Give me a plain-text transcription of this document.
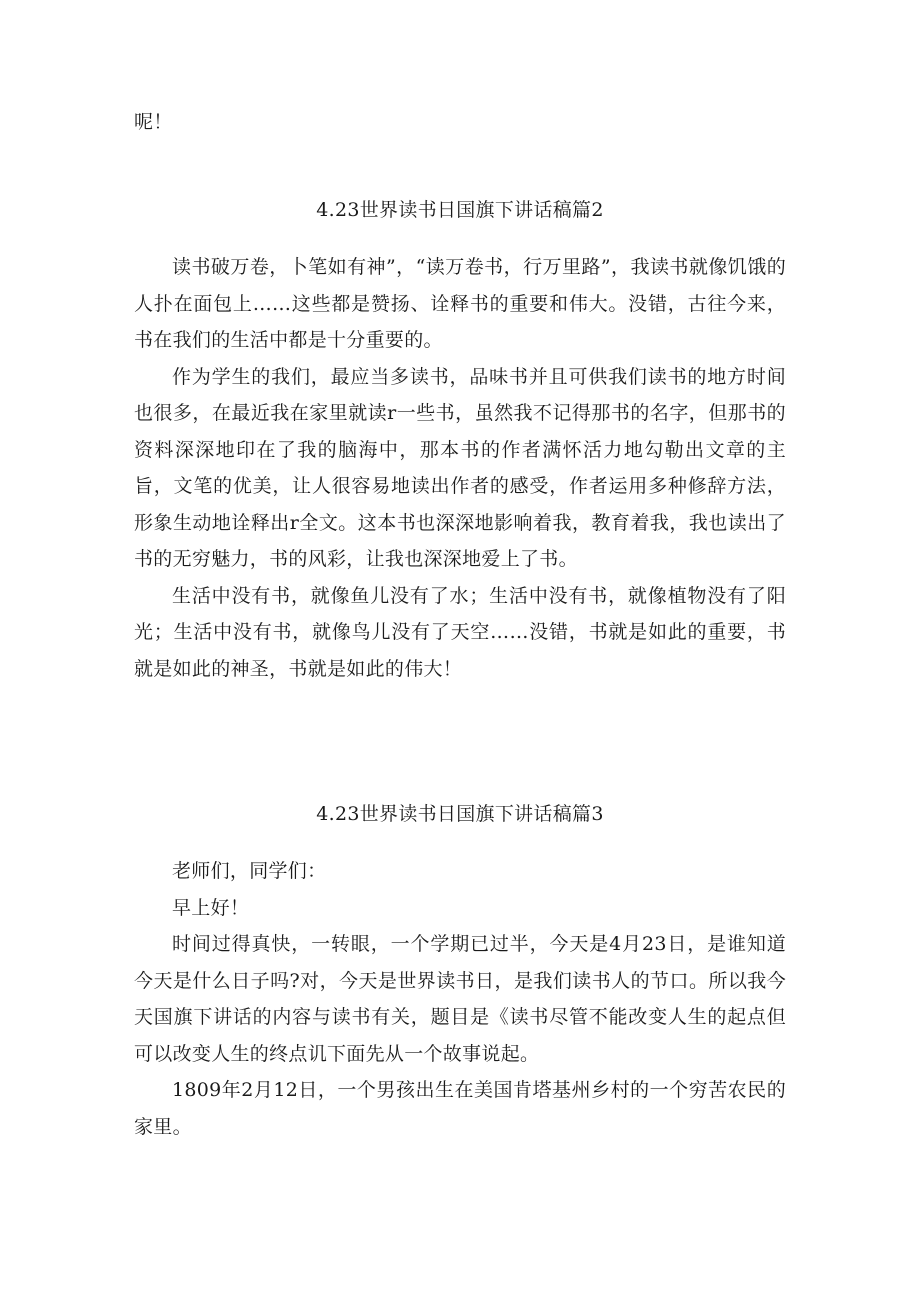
呢！

4.23世界读书日国旗下讲话稿篇2

读书破万卷，卜笔如有神”，“读万卷书，行万里路”，我读书就像饥饿的人扑在面包上……这些都是赞扬、诠释书的重要和伟大。没错，古往今来，书在我们的生活中都是十分重要的。

作为学生的我们，最应当多读书，品味书并且可供我们读书的地方时间也很多，在最近我在家里就读r一些书，虽然我不记得那书的名字，但那书的资料深深地印在了我的脑海中，那本书的作者满怀活力地勾勒出文章的主旨，文笔的优美，让人很容易地读出作者的感受，作者运用多种修辞方法，形象生动地诠释出r全文。这本书也深深地影响着我，教育着我，我也读出了书的无穷魅力，书的风彩，让我也深深地爱上了书。

生活中没有书，就像鱼儿没有了水；生活中没有书，就像植物没有了阳光；生活中没有书，就像鸟儿没有了天空……没错，书就是如此的重要，书就是如此的神圣，书就是如此的伟大！

4.23世界读书日国旗下讲话稿篇3

老师们，同学们：

早上好！

时间过得真快，一转眼，一个学期已过半，今天是4月23日，是谁知道今天是什么日子吗?对，今天是世界读书日，是我们读书人的节口。所以我今天国旗下讲话的内容与读书有关，题目是《读书尽管不能改变人生的起点但可以改变人生的终点讥下面先从一个故事说起。

1809年2月12日，一个男孩出生在美国肯塔基州乡村的一个穷苦农民的家里。
